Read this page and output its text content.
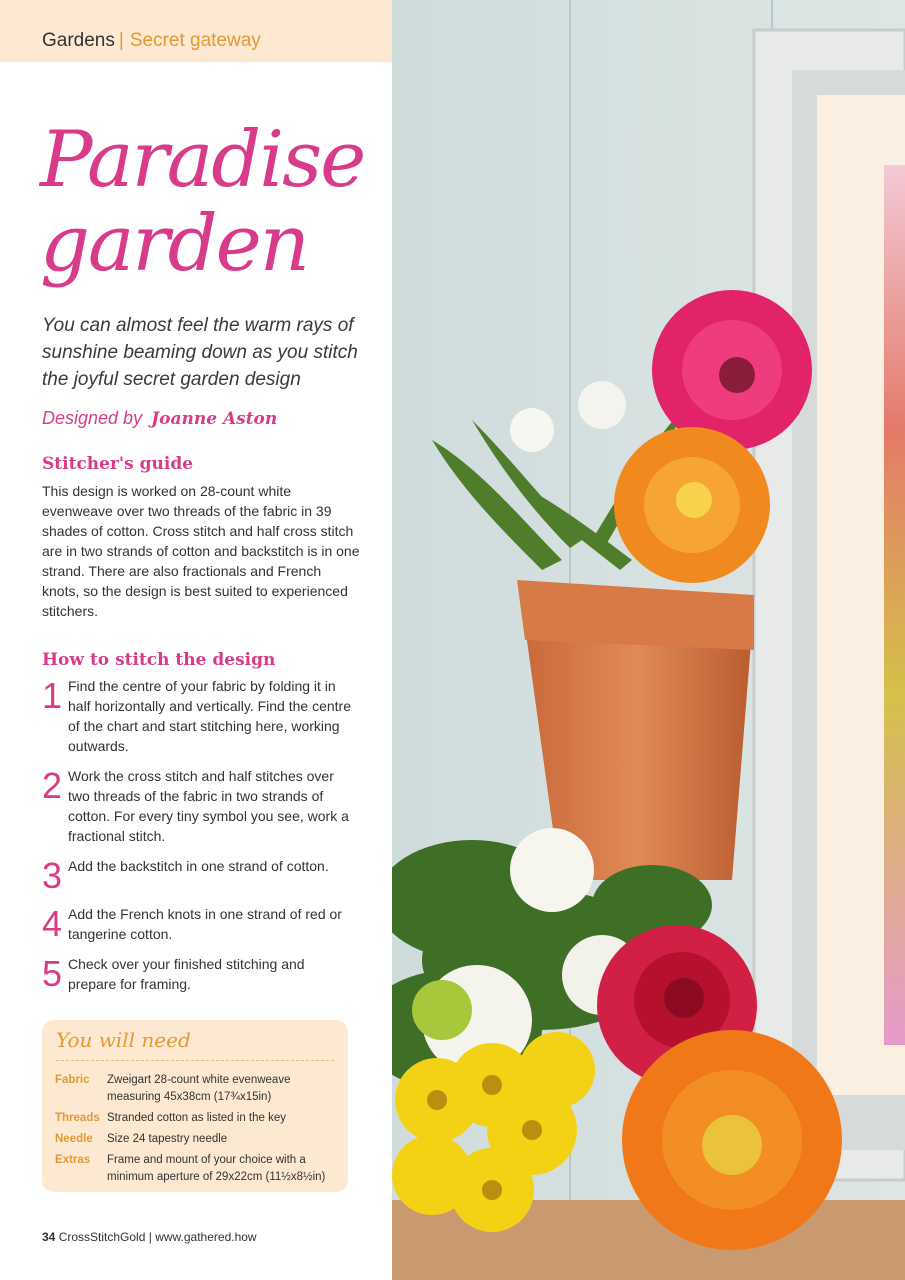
Gardens | Secret gateway
Paradise
garden
You can almost feel the warm rays of sunshine beaming down as you stitch the joyful secret garden design
Designed by Joanne Aston
Stitcher's guide
This design is worked on 28-count white evenweave over two threads of the fabric in 39 shades of cotton. Cross stitch and half cross stitch are in two strands of cotton and backstitch is in one strand. There are also fractionals and French knots, so the design is best suited to experienced stitchers.
How to stitch the design
1 Find the centre of your fabric by folding it in half horizontally and vertically. Find the centre of the chart and start stitching here, working outwards.
2 Work the cross stitch and half stitches over two threads of the fabric in two strands of cotton. For every tiny symbol you see, work a fractional stitch.
3 Add the backstitch in one strand of cotton.
4 Add the French knots in one strand of red or tangerine cotton.
5 Check over your finished stitching and prepare for framing.
You will need
Fabric	Zweigart 28-count white evenweave measuring 45x38cm (17¾x15in)
Threads Stranded cotton as listed in the key
Needle	Size 24 tapestry needle
Extras	Frame and mount of your choice with a minimum aperture of 29x22cm (11½x8½in)
34 CrossStitchGold | www.gathered.how
